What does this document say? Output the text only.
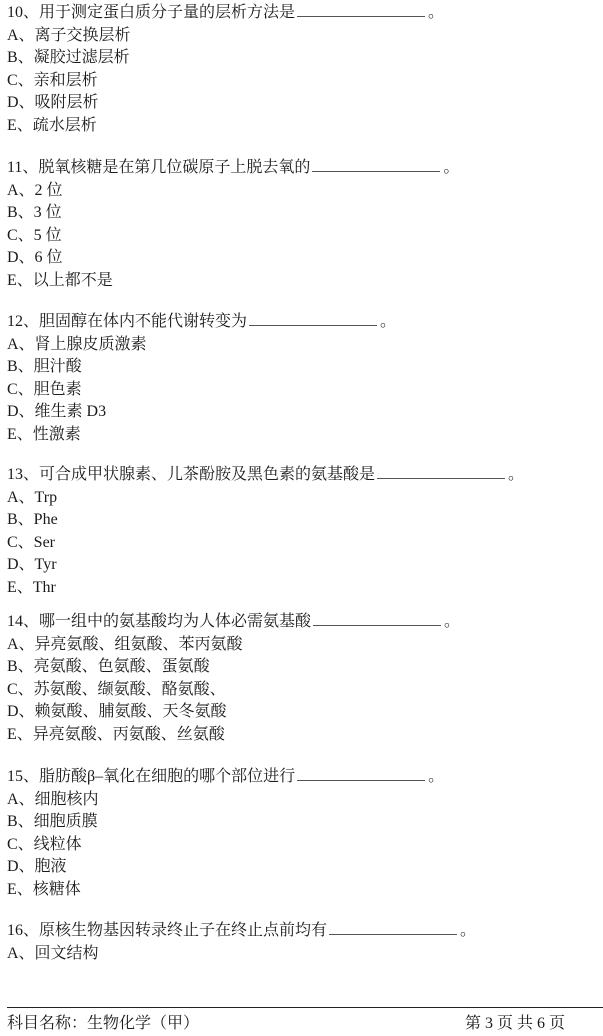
10、用于测定蛋白质分子量的层析方法是	。
A、离子交换层析
B、凝胶过滤层析
C、亲和层析
D、吸附层析
E、疏水层析
11、脱氧核糖是在第几位碳原子上脱去氧的	。
A、2 位
B、3 位
C、5 位
D、6 位
E、以上都不是
12、胆固醇在体内不能代谢转变为	。
A、肾上腺皮质激素
B、胆汁酸
C、胆色素
D、维生素 D3
E、性激素
13、可合成甲状腺素、儿茶酚胺及黑色素的氨基酸是	。
A、Trp
B、Phe
C、Ser
D、Tyr
E、Thr
14、哪一组中的氨基酸均为人体必需氨基酸	。
A、异亮氨酸、组氨酸、苯丙氨酸
B、亮氨酸、色氨酸、蛋氨酸
C、苏氨酸、缬氨酸、酪氨酸、
D、赖氨酸、脯氨酸、天冬氨酸
E、异亮氨酸、丙氨酸、丝氨酸
15、脂肪酸β–氧化在细胞的哪个部位进行	。
A、细胞核内
B、细胞质膜
C、线粒体
D、胞液
E、核糖体
16、原核生物基因转录终止子在终止点前均有	。
A、回文结构
科目名称：生物化学（甲）	第 3 页 共 6 页
